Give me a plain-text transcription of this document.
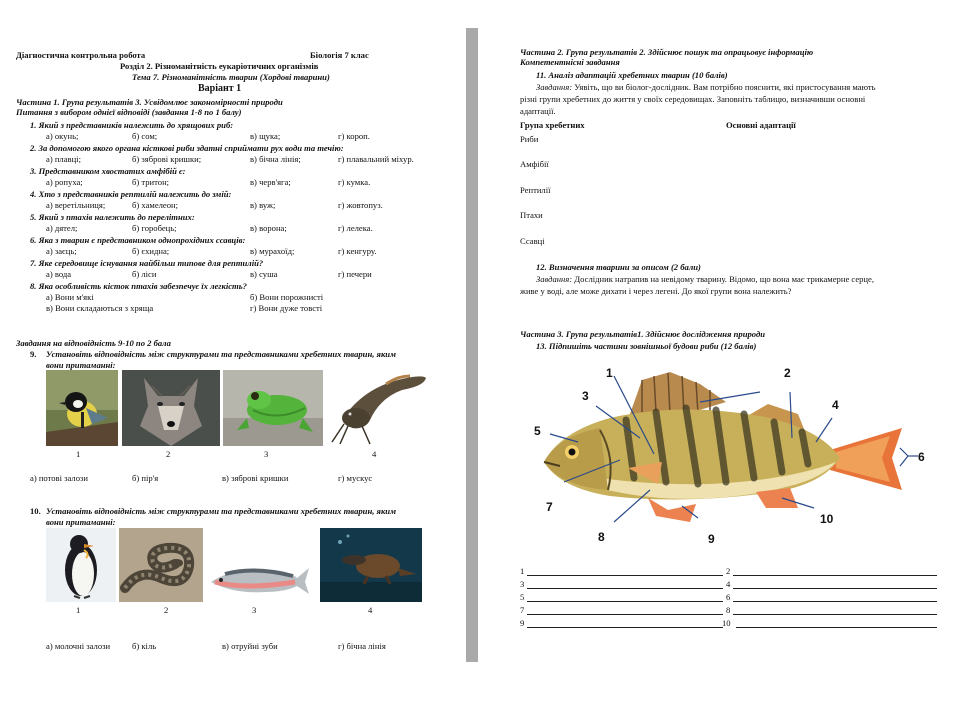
Діагностична контрольна робота	Біологія 7 клас
Розділ 2. Різноманітність еукаріотичних організмів
Тема 7. Різноманітність тварин (Хордові тварини)
Варіант 1
Частина 1. Група результатів 3. Усвідомлює закономірності природи
Питання з вибором однієї відповіді (завдання 1-8 по 1 балу)
1. Який з представників належить до хрящових риб:
а) окунь;	б) сом;	в) щука;	г) короп.
2. За допомогою якого органа кісткові риби здатні сприймати рух води та течію:
а) плавці;	б) зяброві кришки;	в) бічна лінія;	г) плавальний міхур.
3. Представником хвостатих амфібій є:
а) ропуха;	б) тритон;	в) черв'яга;	г) кумка.
4. Хто з представників рептилій належить до змій:
а) веретільниця;	б) хамелеон;	в) вуж;	г) жовтопуз.
5. Який з птахів належить до перелітних:
а) дятел;	б) горобець;	в) ворона;	г) лелека.
6. Яка з тварин є представником однопрохідних ссавців:
а) заєць;	б) єхидна;	в) мурахоїд;	г) кенгуру.
7. Яке середовище існування найбільш типове для рептилій?
а) вода	б) ліси	в) суша	г) печери
8. Яка особливість кісток птахів забезпечує їх легкість?
а) Вони м'які	б) Вони порожнисті
в) Вони складаються з хряща	г) Вони дуже товсті
Завдання на відповідність 9-10 по 2 бала
9. Установіть відповідність між структурами та представниками хребетних тварин, яким
вони притаманні:
1	2	3	4
а) потові залози	б) пір'я	в) зяброві кришки	г) мускус
10. Установіть відповідність між структурами та представниками хребетних тварин, яким
вони притаманні:
1	2	3	4
а) молочні залози	б) кіль	в) отруйні зуби	г) бічна лінія
Частина 2. Група результатів 2. Здійснює пошук та опрацьовує інформацію
Компетентнісні завдання
11. Аналіз адаптацій хребетних тварин (10 балів)
Завдання: Уявіть, що ви біолог-дослідник. Вам потрібно пояснити, які пристосування мають
різні групи хребетних до життя у своїх середовищах. Заповніть таблицю, визначивши основні
адаптації.
Група хребетних	Основні адаптації
Риби
Амфібії
Рептилії
Птахи
Ссавці
12. Визначення тварини за описом (2 бали)
Завдання: Дослідник натрапив на невідому тварину. Відомо, що вона має трикамерне серце,
живе у воді, але може дихати і через легені. До якої групи вона належить?
Частина 3. Група результатів1. Здійснює дослідження природи
13. Підпишіть частини зовнішньої будови риби (12 балів)
1	2
3
4
5
6
7
8	9
10
1	2
3	4
5	6
7	8
9	10
